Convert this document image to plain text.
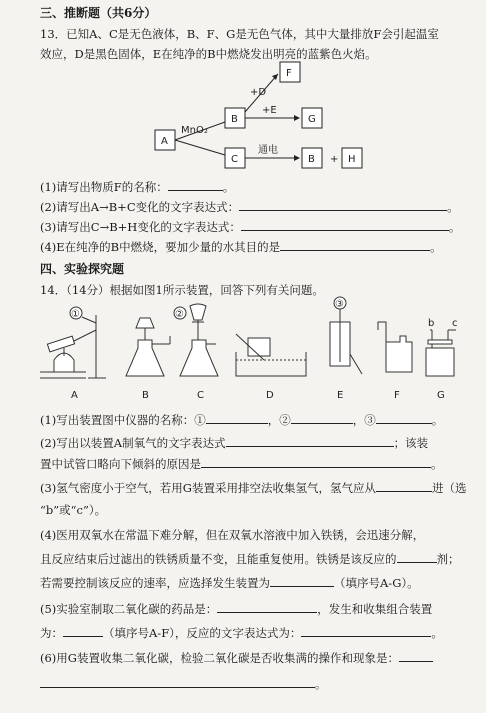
三、推断题（共6分）
13．已知A、C是无色液体，B、F、G是无色气体，其中大量排放F会引起温室
效应，D是黑色固体，E在纯净的B中燃烧发出明亮的蓝紫色火焰。
A
MnO₂
B
+D
F
+E
G
C
通电
B + H
(1)请写出物质F的名称：	。
(2)请写出A→B+C变化的文字表达式：	。
(3)请写出C→B+H变化的文字表达式：	。
(4)E在纯净的B中燃烧，要加少量的水其目的是	。
四、实验探究题
14．（14分）根据如图1所示装置，回答下列有关问题。
①
A	B
②
C	D
③
E	F
b c
G
(1)写出装置图中仪器的名称：①	，②	，③	。
(2)写出以装置A制氧气的文字表达式	；该装
置中试管口略向下倾斜的原因是	。
(3)氢气密度小于空气，若用G装置采用排空法收集氢气，氢气应从	进（选
“b”或“c”）。
(4)医用双氧水在常温下难分解，但在双氧水溶液中加入铁锈，会迅速分解，
且反应结束后过滤出的铁锈质量不变，且能重复使用。铁锈是该反应的	剂；
若需要控制该反应的速率，应选择发生装置为	（填序号A-G）。
(5)实验室制取二氧化碳的药品是：	，发生和收集组合装置
为：	（填序号A-F），反应的文字表达式为：	。
(6)用G装置收集二氧化碳，检验二氧化碳是否收集满的操作和现象是：
。
